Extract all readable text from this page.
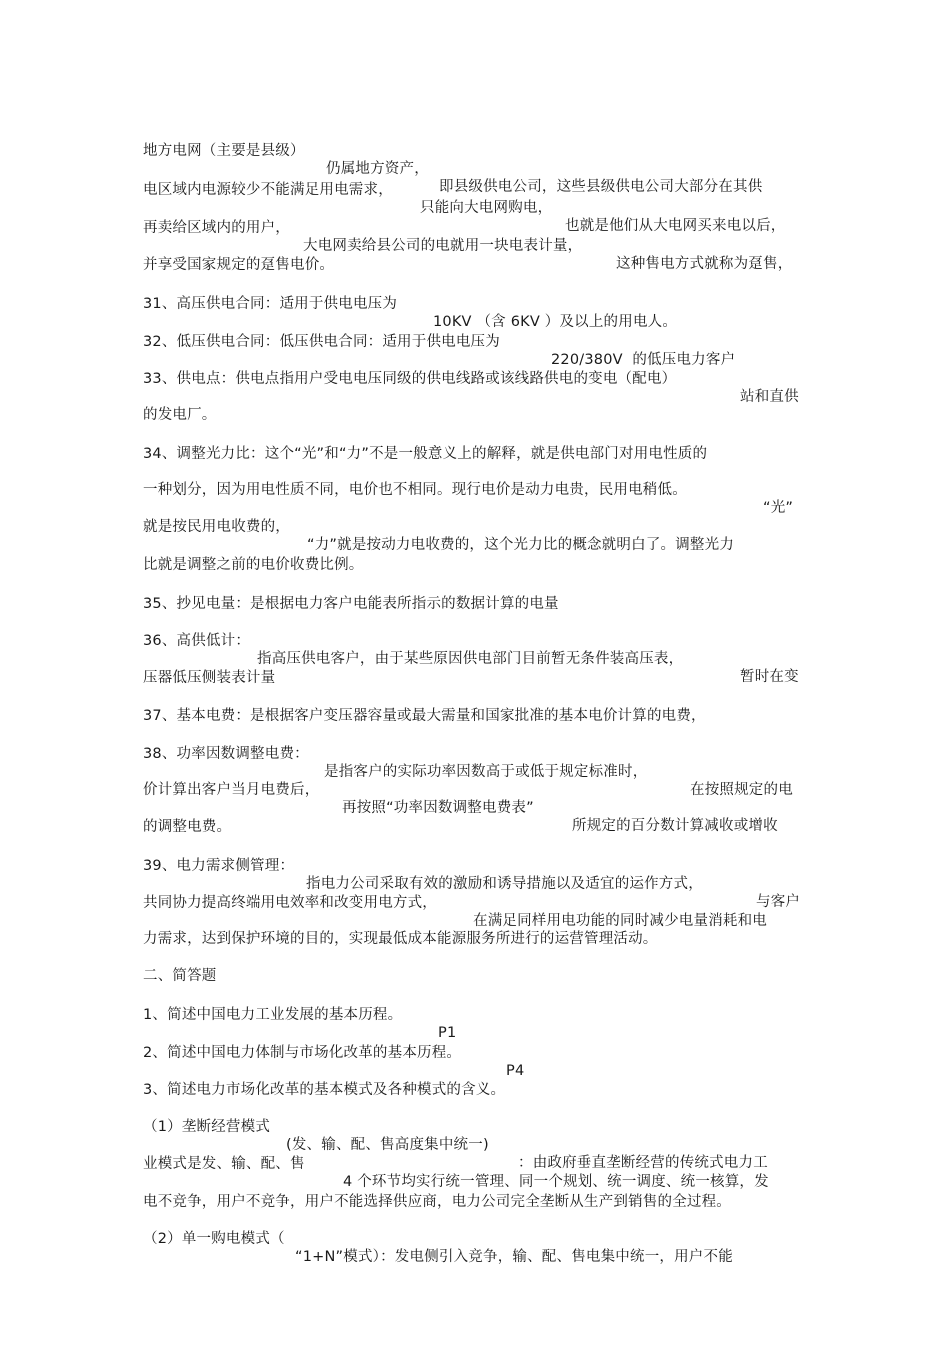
地方电网（主要是县级）

仍属地方资产，

即县级供电公司，这些县级供电公司大部分在其供

电区域内电源较少不能满足用电需求，

只能向大电网购电，

也就是他们从大电网买来电以后，

再卖给区域内的用户，

大电网卖给县公司的电就用一块电表计量，

这种售电方式就称为趸售，

并享受国家规定的趸售电价。

31、高压供电合同：适用于供电电压为

10KV （含 6KV ）及以上的用电人。

32、低压供电合同：低压供电合同：适用于供电电压为

220/380V  的低压电力客户

33、供电点：供电点指用户受电电压同级的供电线路或该线路供电的变电（配电）

站和直供

的发电厂。

34、调整光力比：这个“光”和“力”不是一般意义上的解释，就是供电部门对用电性质的

一种划分，因为用电性质不同，电价也不相同。现行电价是动力电贵，民用电稍低。

“光”

就是按民用电收费的，

“力”就是按动力电收费的，这个光力比的概念就明白了。调整光力

比就是调整之前的电价收费比例。

35、抄见电量：是根据电力客户电能表所指示的数据计算的电量

36、高供低计：

指高压供电客户，由于某些原因供电部门目前暂无条件装高压表，

暂时在变

压器低压侧装表计量

37、基本电费：是根据客户变压器容量或最大需量和国家批准的基本电价计算的电费，

38、功率因数调整电费：

是指客户的实际功率因数高于或低于规定标准时，

在按照规定的电

价计算出客户当月电费后，

再按照“功率因数调整电费表”

所规定的百分数计算减收或增收

的调整电费。

39、电力需求侧管理：

指电力公司采取有效的激励和诱导措施以及适宜的运作方式，

与客户

共同协力提高终端用电效率和改变用电方式，

在满足同样用电功能的同时减少电量消耗和电

力需求，达到保护环境的目的，实现最低成本能源服务所进行的运营管理活动。

二、简答题

1、简述中国电力工业发展的基本历程。

P1

2、简述中国电力体制与市场化改革的基本历程。

P4

3、简述电力市场化改革的基本模式及各种模式的含义。

（1）垄断经营模式

(发、输、配、售高度集中统一)

：由政府垂直垄断经营的传统式电力工

业模式是发、输、配、售

4 个环节均实行统一管理、同一个规划、统一调度、统一核算，发

电不竞争，用户不竞争，用户不能选择供应商，电力公司完全垄断从生产到销售的全过程。

（2）单一购电模式（

“1+N”模式）：发电侧引入竞争，输、配、售电集中统一，用户不能
